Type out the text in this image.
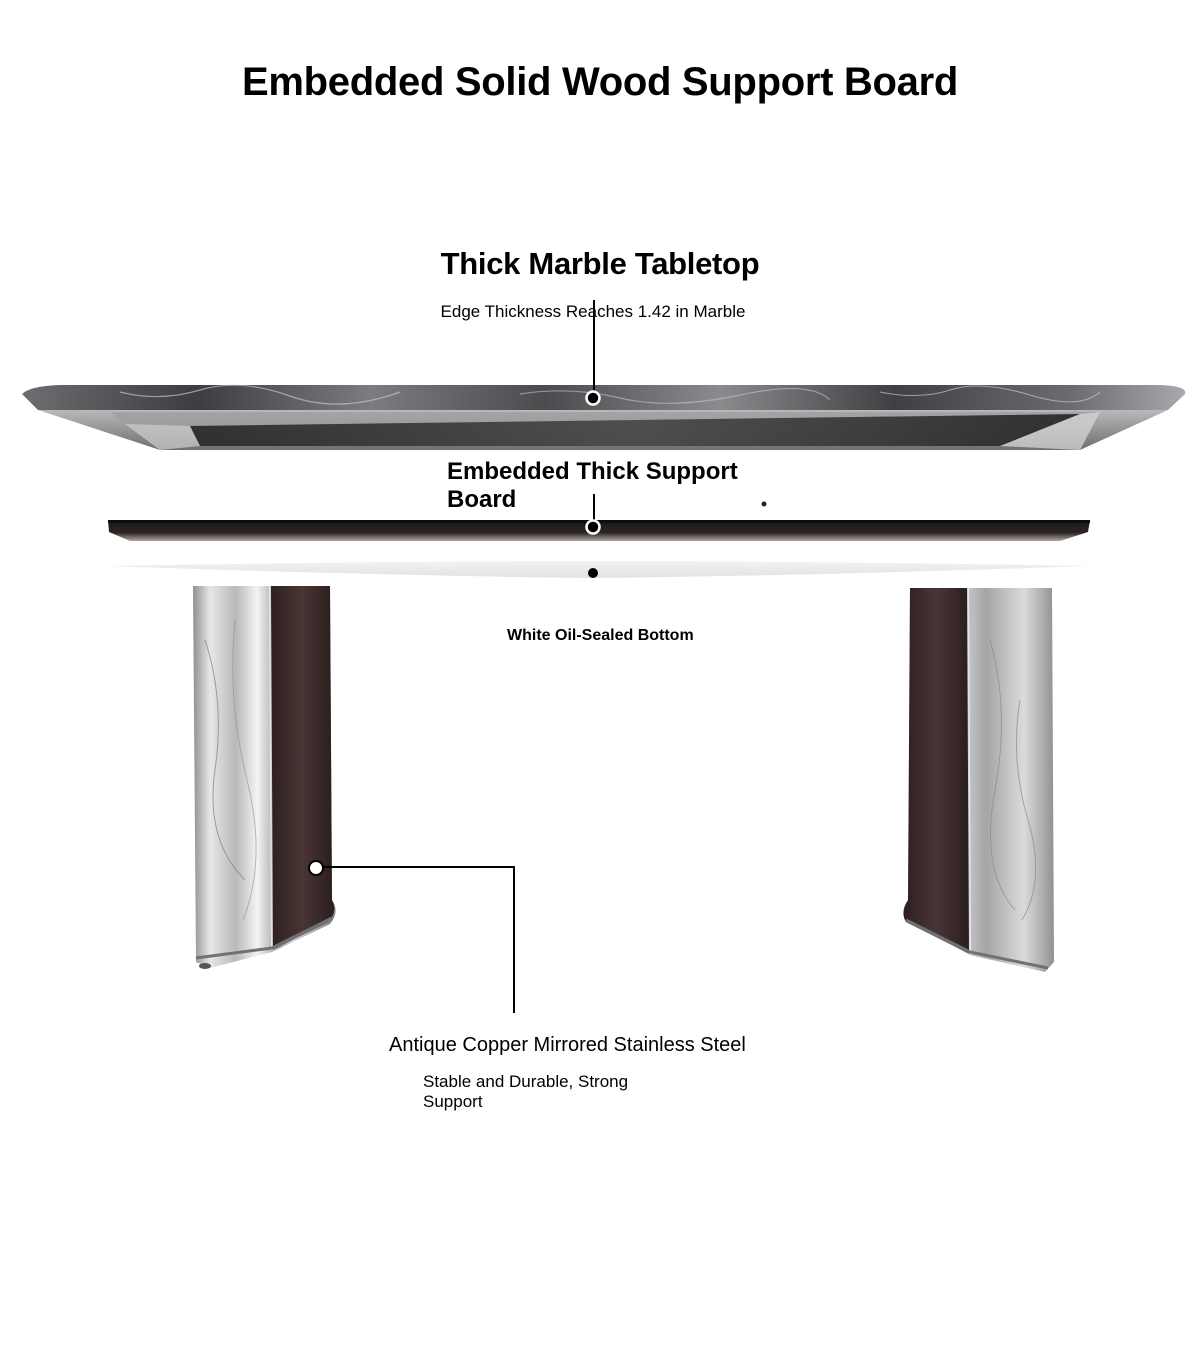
Embedded Solid Wood Support Board
Thick Marble Tabletop
Edge Thickness Reaches 1.42 in Marble
Embedded Thick Support Board
White Oil-Sealed Bottom
Antique Copper Mirrored Stainless Steel
Stable and Durable, Strong Support
